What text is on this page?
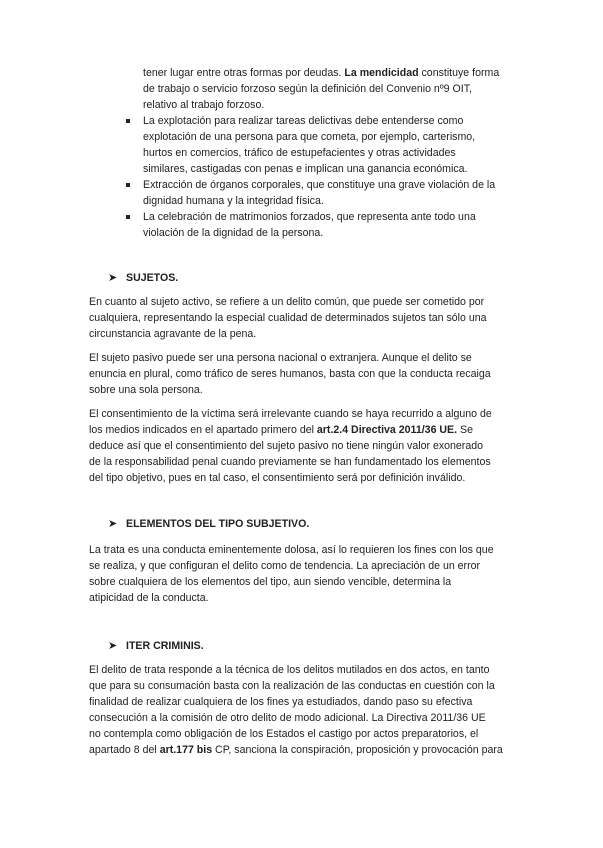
tener lugar entre otras formas por deudas. La mendicidad constituye forma
de trabajo o servicio forzoso según la definición del Convenio nº9 OIT,
relativo al trabajo forzoso.
La explotación para realizar tareas delictivas debe entenderse como
explotación de una persona para que cometa, por ejemplo, carterismo,
hurtos en comercios, tráfico de estupefacientes y otras actividades
similares, castigadas con penas e implican una ganancia económica.
Extracción de órganos corporales, que constituye una grave violación de la
dignidad humana y la integridad física.
La celebración de matrimonios forzados, que representa ante todo una
violación de la dignidad de la persona.
➤ SUJETOS.
En cuanto al sujeto activo, se refiere a un delito común, que puede ser cometido por
cualquiera, representando la especial cualidad de determinados sujetos tan sólo una
circunstancia agravante de la pena.
El sujeto pasivo puede ser una persona nacional o extranjera. Aunque el delito se
enuncia en plural, como tráfico de seres humanos, basta con que la conducta recaiga
sobre una sola persona.
El consentimiento de la víctima será irrelevante cuando se haya recurrido a alguno de
los medios indicados en el apartado primero del art.2.4 Directiva 2011/36 UE. Se
deduce así que el consentimiento del sujeto pasivo no tiene ningún valor exonerado
de la responsabilidad penal cuando previamente se han fundamentado los elementos
del tipo objetivo, pues en tal caso, el consentimiento será por definición inválido.
➤ ELEMENTOS DEL TIPO SUBJETIVO.
La trata es una conducta eminentemente dolosa, así lo requieren los fines con los que
se realiza, y que configuran el delito como de tendencia. La apreciación de un error
sobre cualquiera de los elementos del tipo, aun siendo vencible, determina la
atipicidad de la conducta.
➤ ITER CRIMINIS.
El delito de trata responde a la técnica de los delitos mutilados en dos actos, en tanto
que para su consumación basta con la realización de las conductas en cuestión con la
finalidad de realizar cualquiera de los fines ya estudiados, dando paso su efectiva
consecución a la comisión de otro delito de modo adicional. La Directiva 2011/36 UE
no contempla como obligación de los Estados el castigo por actos preparatorios, el
apartado 8 del art.177 bis CP, sanciona la conspiración, proposición y provocación para
